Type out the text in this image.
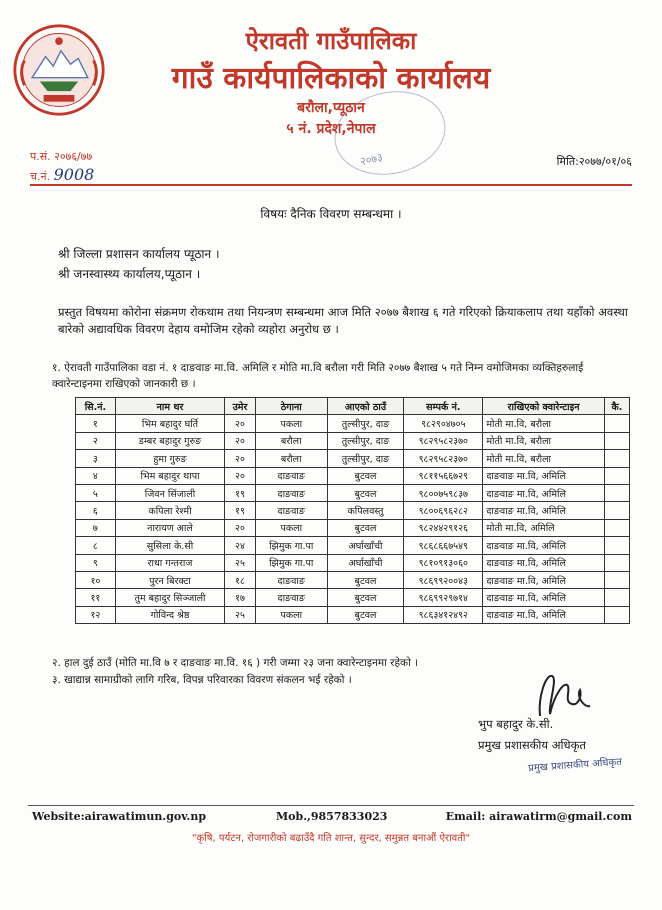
ऐरावती गाउँपालिका
गाउँ कार्यपालिकाको कार्यालय
बरौला,प्यूठान
५ नं. प्रदेश,नेपाल
२०७३
प.सं. २०७६/७७
च.नं. 9008
मिति:२०७७/०१/०६
विषयः दैनिक विवरण सम्बन्धमा ।
श्री जिल्ला प्रशासन कार्यालय प्यूठान ।
श्री जनस्वास्थ्य कार्यालय,प्यूठान ।
प्रस्तुत विषयमा कोरोना संक्रमण रोकथाम तथा नियन्त्रण सम्बन्धमा आज मिति २०७७ बैशाख ६ गते गरिएको क्रियाकलाप तथा यहाँको अवस्था बारेको अद्यावधिक विवरण देहाय वमोजिम रहेको व्यहोरा अनुरोध छ ।
१. ऐरावती गाउँपालिका वडा नं. १ दाङवाङ मा.वि. अमिलि र मोति मा.वि बरौला गरी मिति २०७७ बैशाख ५ गते निम्न वमोजिमका व्यक्तिहरुलाई क्वारेन्टाइनमा राखिएको जानकारी छ ।
सि.नं.	नाम थर	उमेर	ठेगाना	आएको ठाउँ	सम्पर्क नं.	राखिएको क्वारेन्टाइन	कै.
१	भिम बहादुर घर्ति	२०	पकला	तुल्सीपुर, दाङ	९८२९०४७०५	मोती मा.वि, बरौला	
२	डम्बर बहादुर गुरुङ	२०	बरौला	तुल्सीपुर, दाङ	९८२९५८२३७०	मोती मा.वि, बरौला	
३	हुमा गुरुङ	२०	बरौला	तुल्सीपुर, दाङ	९८२९५८२३७०	मोती मा.वि, बरौला	
४	भिम बहादुर थापा	२०	दाङवाङ	बुटवल	९८११५६६७२९	दाङवाङ मा.वि, अमिलि	
५	जिवन सिंजाली	१९	दाङवाङ	बुटवल	९८००७५९८३७	दाङवाङ मा.वि, अमिलि	
६	कपिला रेश्मी	१९	दाङवाङ	कपिलवस्तु	९८००६९६२८२	दाङवाङ मा.वि, अमिलि	
७	नारायण आले	२०	पकला	बुटवल	९८२४४२९१२६	मोती मा.वि, अमिलि	
८	सुसिला के.सी	२४	झिमुक गा.पा	अर्घाखाँची	९८६८६६७५४९	दाङवाङ मा.वि, अमिलि	
९	राधा गन्तराज	२५	झिमुक गा.पा	अर्घाखाँची	९८१०९१३०६०	दाङवाङ मा.वि, अमिलि	
१०	पुरन बिरक्टा	१८	दाङवाङ	बुटवल	९८६९९२००४३	दाङवाङ मा.वि, अमिलि	
११	तुम बहादुर सिञ्जाली	१७	दाङवाङ	बुटवल	९८६९९२९७१४	दाङवाङ मा.वि, अमिलि	
१२	गोविन्द श्रेष्ठ	२५	पकला	बुटवल	९८६३४१२४९२	दाङवाङ मा.वि, अमिलि	
२. हाल दुई ठाउँ (मोति मा.वि ७ र दाङवाङ मा.वि. १६ ) गरी जम्मा २३ जना क्वारेन्टाइनमा रहेको ।
३. खाद्यान्न सामाग्रीको लागि गरिब, विपन्न परिवारका विवरण संकलन भई रहेको ।
भुप बहादुर के.सी.
प्रमुख प्रशासकीय अधिकृत
प्रमुख प्रशासकीय अधिकृत
Website:airawatimun.gov.np	Mob.,9857833023	Email: airawatirm@gmail.com
"कृषि, पर्यटन, रोजगारीको बढाउँदै गति शान्त, सुन्दर, समुन्नत बनाऔं ऐरावती"
